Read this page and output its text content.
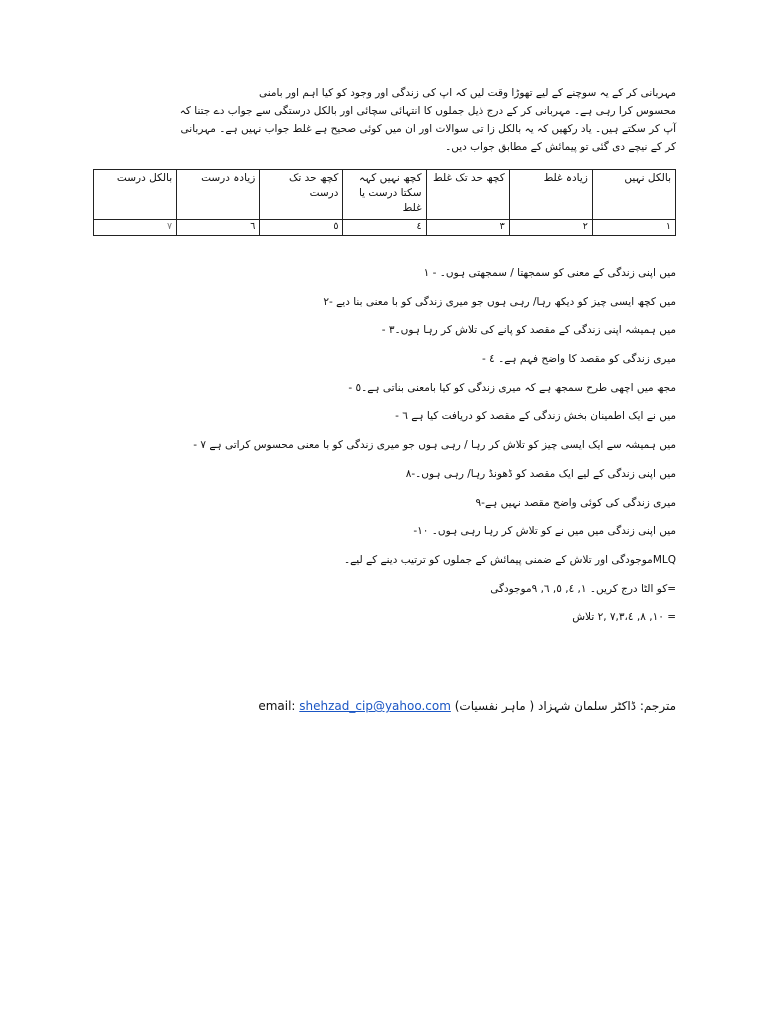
مہربانی کر کے یہ سوچنے کے لیے تھوڑا وقت لیں کہ اپ کی زندگی اور وجود کو کیا اہم اور بامنی

محسوس کرا رہی ہے۔ مہربانی کر کے درج ذیل جملوں کا انتہائی سچائی اور بالکل درستگی سے جواب دے جتنا کہ

آپ کر سکتے ہیں۔ یاد رکھیں کہ یہ بالکل زا تی سوالات اور ان میں کوئی صحیح ہے غلط جواب نہیں ہے۔ مہربانی

کر کے نیچے دی گئی تو پیمائش کے مطابق جواب دیں۔

بالکل نہیں	زیادہ غلط	کچھ حد تک غلط	کچھ نہیں کہہ سکتا درست یا غلط	کچھ حد تک درست	زیادہ درست	بالکل درست
١	٢	٣	٤	٥	٦	٧

میں اپنی زندگی کے معنی کو سمجھتا / سمجھتی ہوں۔ - ١

میں کچھ ایسی چیز کو دیکھ رہا/ رہی ہوں جو میری زندگی کو با معنی بنا دیے -۲

میں ہمیشہ اپنی زندگی کے مقصد کو پانے کی تلاش کر رہا ہوں۔٣ -

میری زندگی کو مقصد کا واضح فہم ہے۔ ٤ -

مجھ میں اچھی طرح سمجھ ہے کہ میری زندگی کو کیا بامعنی بناتی ہے۔٥ -

میں نے ایک اطمینان بخش زندگی کے مقصد کو دریافت کیا ہے ٦ -

میں ہمیشہ سے ایک ایسی چیز کو تلاش کر رہا / رہی ہوں جو میری زندگی کو با معنی محسوس کراتی ہے ٧ -

میں اپنی زندگی کے لیے ایک مقصد کو ڈھونڈ رہا/ رہی ہوں۔-٨

میری زندگی کی کوئی واضح مقصد نہیں ہے-٩

میں اپنی زندگی میں میں نے کو تلاش کر رہا رہی ہوں۔ ١٠-

MLQموجودگی اور تلاش کے ضمنی پیمائش کے جملوں کو ترتیب دینے کے لیے۔

=کو الٹا درج کریں۔ ١, ٤, ٥, ٦, ٩موجودگی

= ١٠, ٨, ٧,٣،٤ ,٢ تلاش

مترجم: ڈاکٹر سلمان شہزاد ( ماہر نفسیات) email: shehzad_cip@yahoo.com
